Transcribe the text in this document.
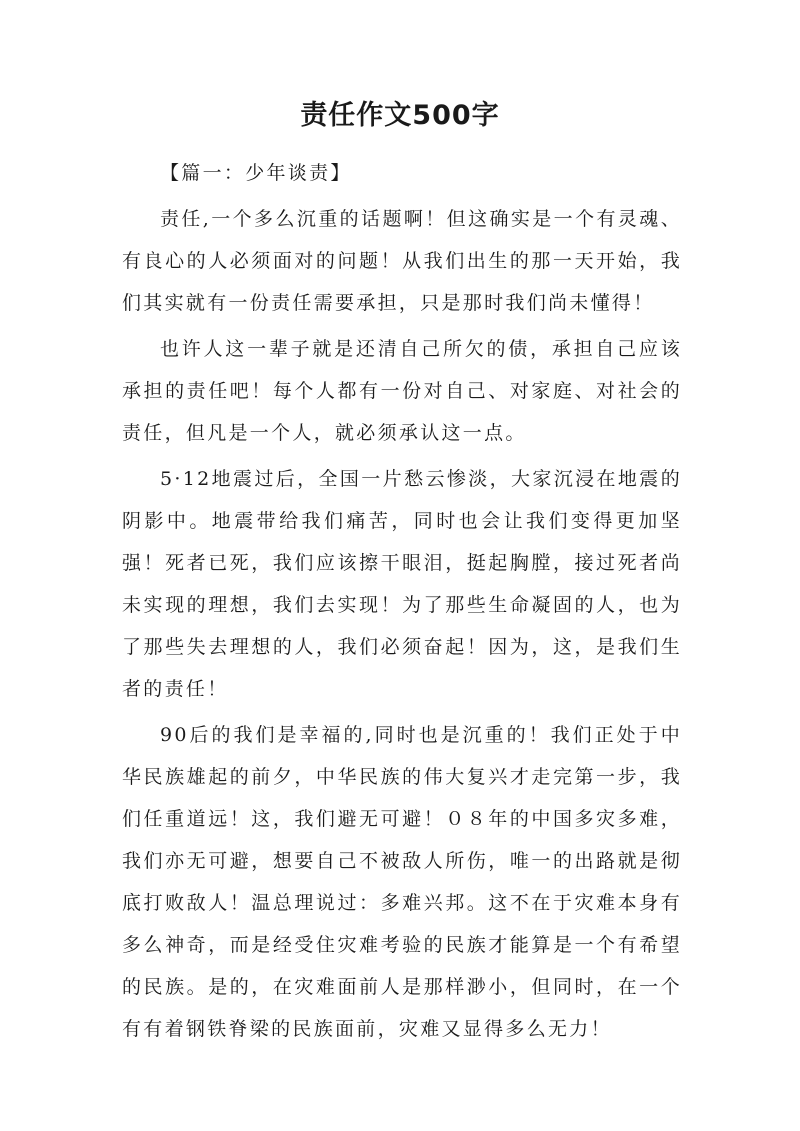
责任作文500字
【篇一：少年谈责】

责任,一个多么沉重的话题啊！但这确实是一个有灵魂、有良心的人必须面对的问题！从我们出生的那一天开始，我们其实就有一份责任需要承担，只是那时我们尚未懂得！

也许人这一辈子就是还清自己所欠的债，承担自己应该承担的责任吧！每个人都有一份对自己、对家庭、对社会的责任，但凡是一个人，就必须承认这一点。

5·12地震过后，全国一片愁云惨淡，大家沉浸在地震的阴影中。地震带给我们痛苦，同时也会让我们变得更加坚强！死者已死，我们应该擦干眼泪，挺起胸膛，接过死者尚未实现的理想，我们去实现！为了那些生命凝固的人，也为了那些失去理想的人，我们必须奋起！因为，这，是我们生者的责任！

90后的我们是幸福的,同时也是沉重的！我们正处于中华民族雄起的前夕，中华民族的伟大复兴才走完第一步，我们任重道远！这，我们避无可避！０８年的中国多灾多难，我们亦无可避，想要自己不被敌人所伤，唯一的出路就是彻底打败敌人！温总理说过：多难兴邦。这不在于灾难本身有多么神奇，而是经受住灾难考验的民族才能算是一个有希望的民族。是的，在灾难面前人是那样渺小，但同时，在一个有有着钢铁脊梁的民族面前，灾难又显得多么无力！
